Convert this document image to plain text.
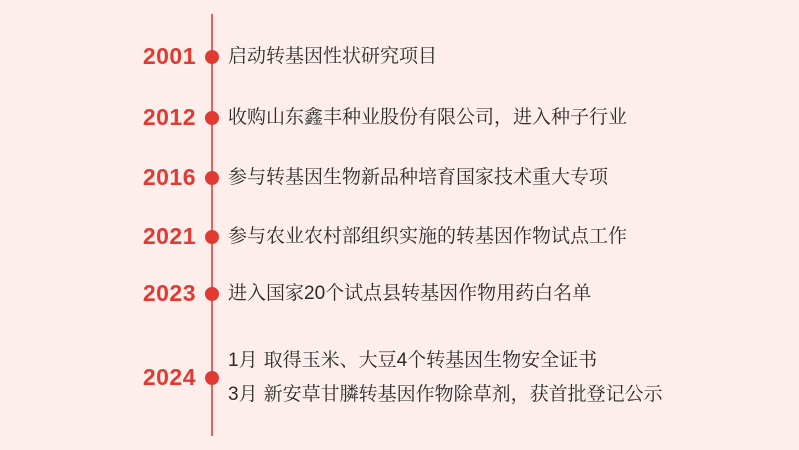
2001 启动转基因性状研究项目
2012 收购山东鑫丰种业股份有限公司，进入种子行业
2016 参与转基因生物新品种培育国家技术重大专项
2021 参与农业农村部组织实施的转基因作物试点工作
2023 进入国家20个试点县转基因作物用药白名单
2024
1月 取得玉米、大豆4个转基因生物安全证书
3月 新安草甘膦转基因作物除草剂，获首批登记公示
